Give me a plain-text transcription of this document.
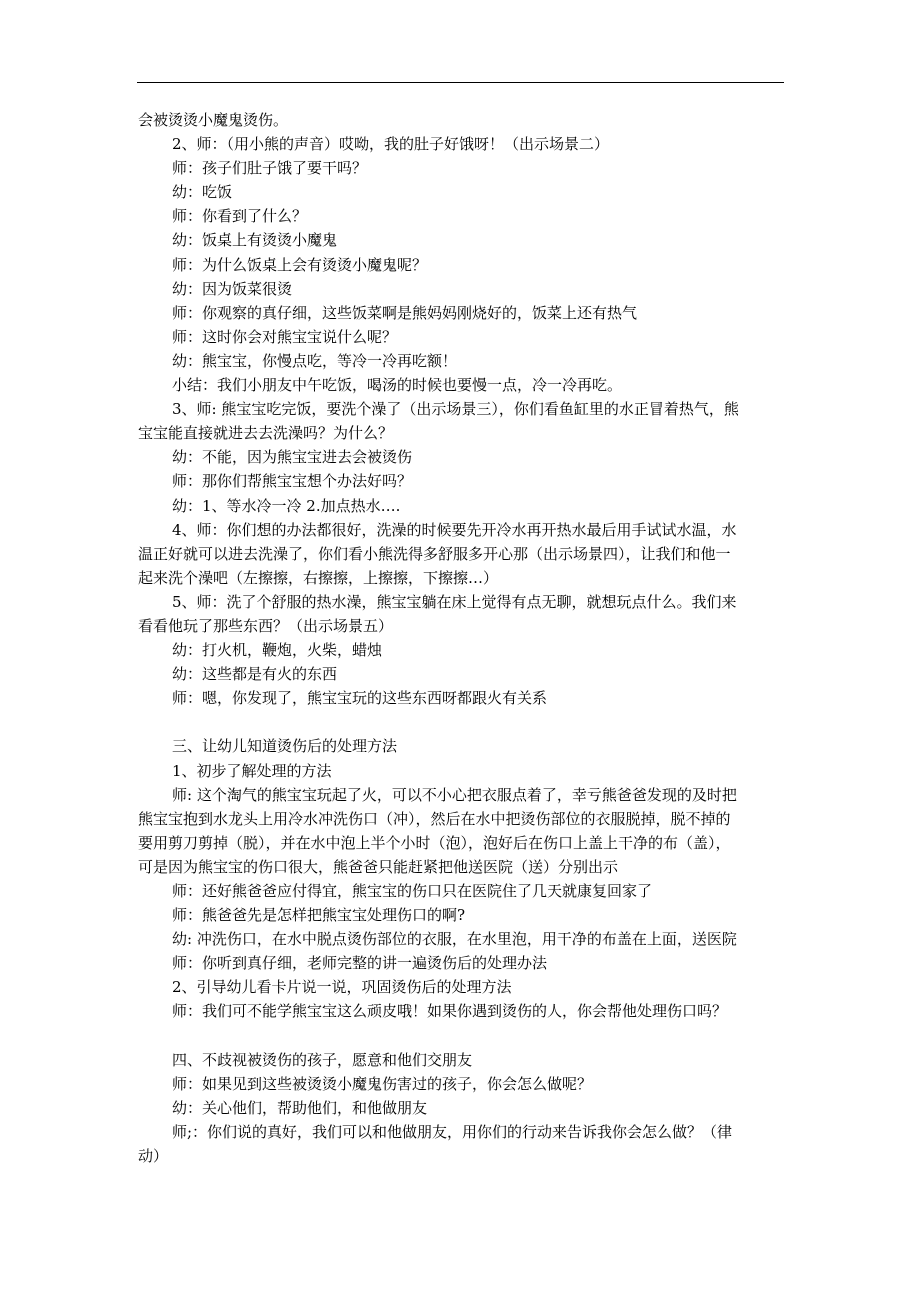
会被烫烫小魔鬼烫伤。
2、师：（用小熊的声音）哎呦，我的肚子好饿呀！（出示场景二）
师：孩子们肚子饿了要干吗？
幼：吃饭
师：你看到了什么？
幼：饭桌上有烫烫小魔鬼
师：为什么饭桌上会有烫烫小魔鬼呢？
幼：因为饭菜很烫
师：你观察的真仔细，这些饭菜啊是熊妈妈刚烧好的，饭菜上还有热气
师：这时你会对熊宝宝说什么呢？
幼：熊宝宝，你慢点吃，等冷一冷再吃额！
小结：我们小朋友中午吃饭，喝汤的时候也要慢一点，冷一冷再吃。
3、师: 熊宝宝吃完饭，要洗个澡了（出示场景三），你们看鱼缸里的水正冒着热气，熊
宝宝能直接就进去去洗澡吗？为什么？
幼：不能，因为熊宝宝进去会被烫伤
师：那你们帮熊宝宝想个办法好吗？
幼：1、等水冷一冷 2.加点热水….
4、师：你们想的办法都很好，洗澡的时候要先开冷水再开热水最后用手试试水温，水
温正好就可以进去洗澡了，你们看小熊洗得多舒服多开心那（出示场景四），让我们和他一
起来洗个澡吧（左擦擦，右擦擦，上擦擦，下擦擦…）
5、师：洗了个舒服的热水澡，熊宝宝躺在床上觉得有点无聊，就想玩点什么。我们来
看看他玩了那些东西？（出示场景五）
幼：打火机，鞭炮，火柴，蜡烛
幼：这些都是有火的东西
师：嗯，你发现了，熊宝宝玩的这些东西呀都跟火有关系
三、让幼儿知道烫伤后的处理方法
1、初步了解处理的方法
师: 这个淘气的熊宝宝玩起了火，可以不小心把衣服点着了，幸亏熊爸爸发现的及时把
熊宝宝抱到水龙头上用冷水冲洗伤口（冲），然后在水中把烫伤部位的衣服脱掉，脱不掉的
要用剪刀剪掉（脱），并在水中泡上半个小时（泡），泡好后在伤口上盖上干净的布（盖），
可是因为熊宝宝的伤口很大，熊爸爸只能赶紧把他送医院（送）分别出示
师：还好熊爸爸应付得宜，熊宝宝的伤口只在医院住了几天就康复回家了
师：熊爸爸先是怎样把熊宝宝处理伤口的啊?
幼: 冲洗伤口，在水中脱点烫伤部位的衣服，在水里泡，用干净的布盖在上面，送医院
师：你听到真仔细，老师完整的讲一遍烫伤后的处理办法
2、引导幼儿看卡片说一说，巩固烫伤后的处理方法
师：我们可不能学熊宝宝这么顽皮哦！如果你遇到烫伤的人，你会帮他处理伤口吗？
四、不歧视被烫伤的孩子，愿意和他们交朋友
师：如果见到这些被烫烫小魔鬼伤害过的孩子，你会怎么做呢？
幼：关心他们，帮助他们，和他做朋友
师;：你们说的真好，我们可以和他做朋友，用你们的行动来告诉我你会怎么做？（律
动）
